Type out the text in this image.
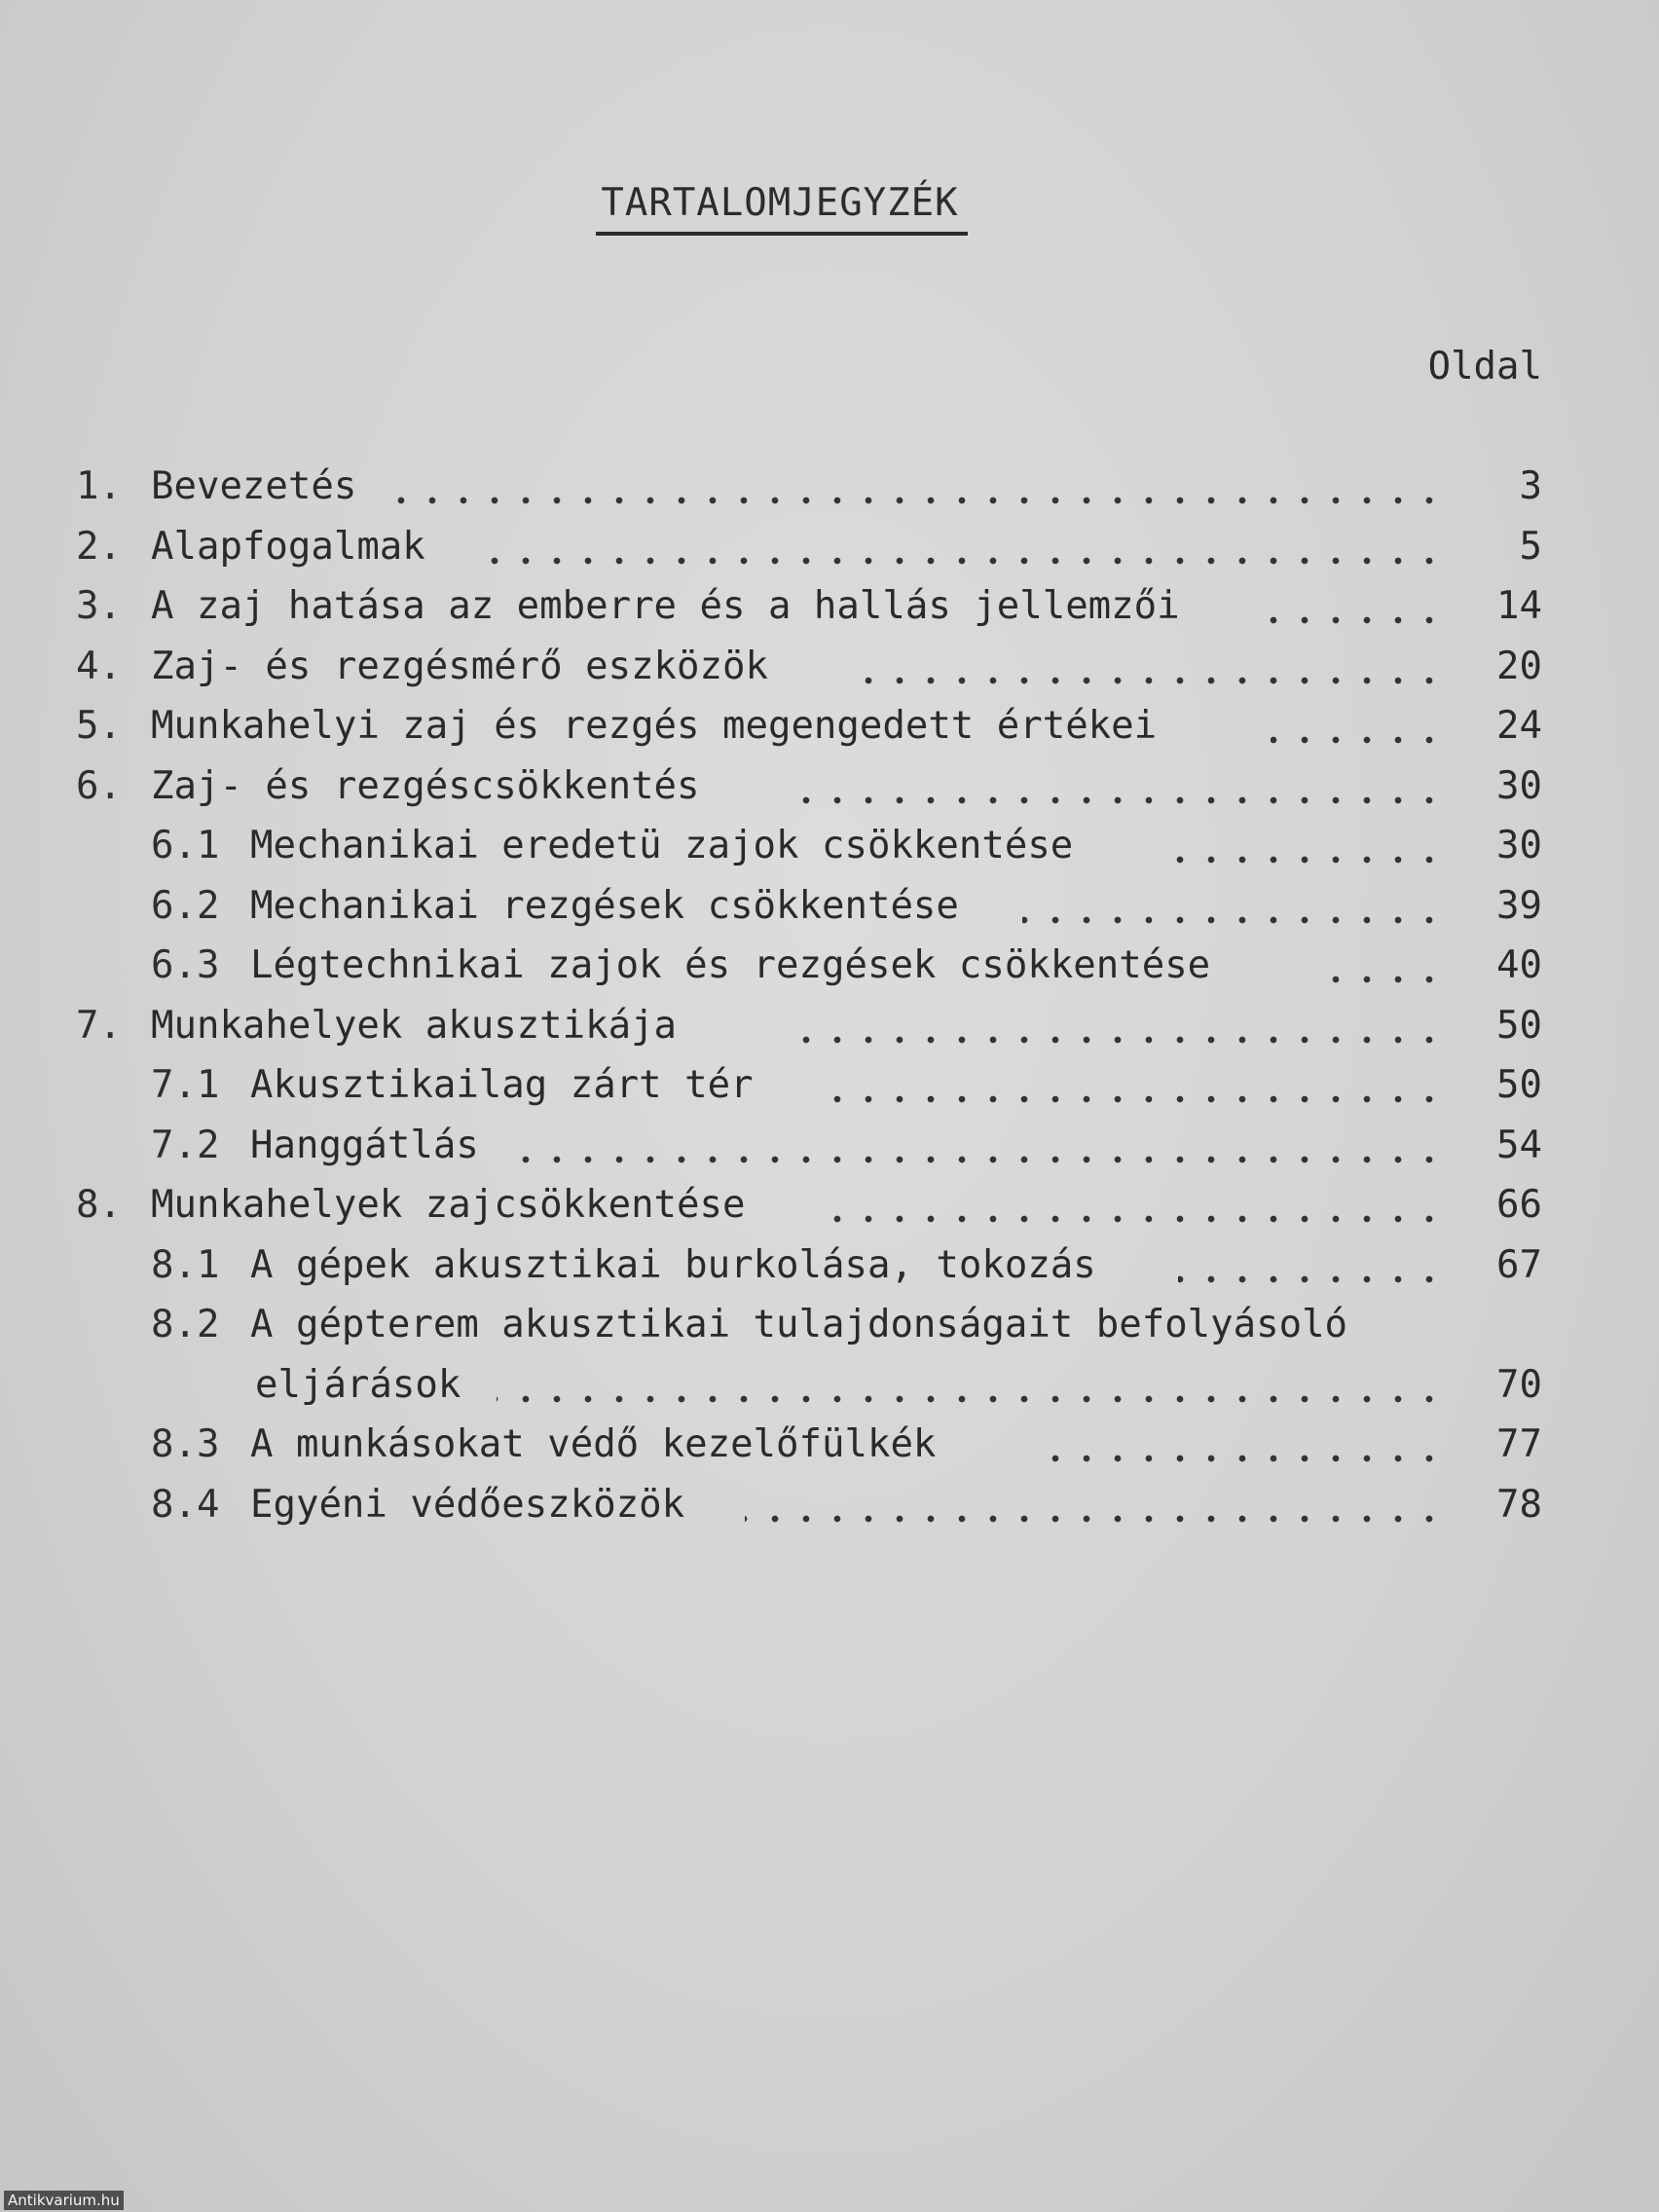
TARTALOMJEGYZÉK
Oldal
1. Bevezetés	3
2. Alapfogalmak	5
3. A zaj hatása az emberre és a hallás jellemzői	14
4. Zaj- és rezgésmérő eszközök	20
5. Munkahelyi zaj és rezgés megengedett értékei	24
6. Zaj- és rezgéscsökkentés	30
6.1 Mechanikai eredetü zajok csökkentése	30
6.2 Mechanikai rezgések csökkentése	39
6.3 Légtechnikai zajok és rezgések csökkentése	40
7. Munkahelyek akusztikája	50
7.1 Akusztikailag zárt tér	50
7.2 Hanggátlás	54
8. Munkahelyek zajcsökkentése	66
8.1 A gépek akusztikai burkolása, tokozás	67
8.2 A gépterem akusztikai tulajdonságait befolyásoló
eljárások	70
8.3 A munkásokat védő kezelőfülkék	77
8.4 Egyéni védőeszközök	78
Antikvarium.hu
